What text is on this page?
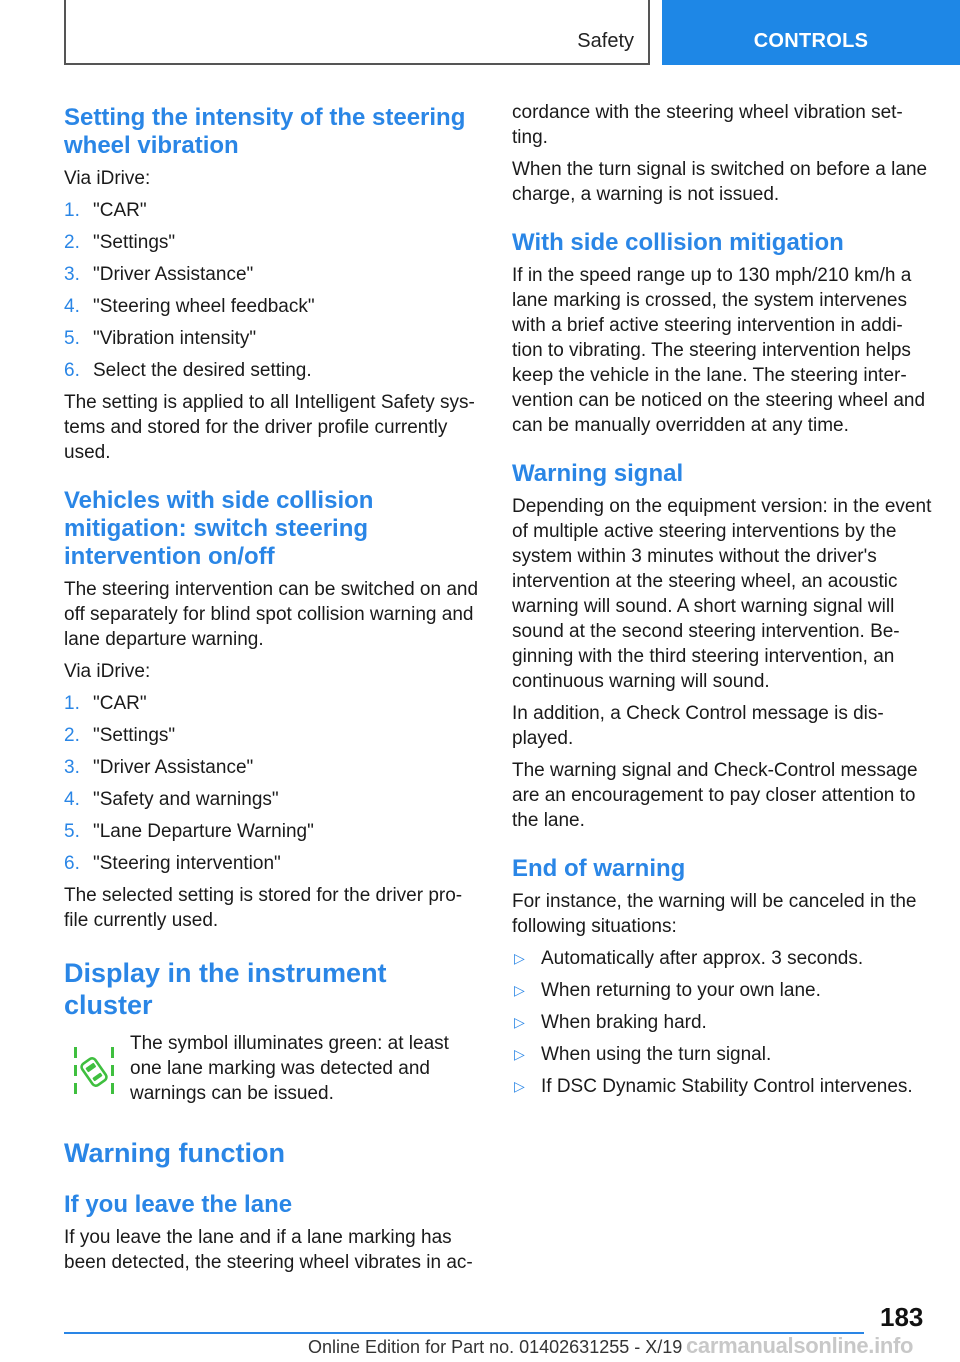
Safety	CONTROLS
Setting the intensity of the steering wheel vibration

Via iDrive:

1. "CAR"
2. "Settings"
3. "Driver Assistance"
4. "Steering wheel feedback"
5. "Vibration intensity"
6. Select the desired setting.

The setting is applied to all Intelligent Safety sys-tems and stored for the driver profile currently used.

Vehicles with side collision mitigation: switch steering intervention on/off

The steering intervention can be switched on and off separately for blind spot collision warning and lane departure warning.

Via iDrive:

1. "CAR"
2. "Settings"
3. "Driver Assistance"
4. "Safety and warnings"
5. "Lane Departure Warning"
6. "Steering intervention"

The selected setting is stored for the driver pro-file currently used.

Display in the instrument cluster

The symbol illuminates green: at least one lane marking was detected and warnings can be issued.

Warning function
If you leave the lane

If you leave the lane and if a lane marking has been detected, the steering wheel vibrates in ac-

cordance with the steering wheel vibration set-ting.

When the turn signal is switched on before a lane charge, a warning is not issued.

With side collision mitigation

If in the speed range up to 130 mph/210 km/h a lane marking is crossed, the system intervenes with a brief active steering intervention in addi-tion to vibrating. The steering intervention helps keep the vehicle in the lane. The steering inter-vention can be noticed on the steering wheel and can be manually overridden at any time.

Warning signal

Depending on the equipment version: in the event of multiple active steering interventions by the system within 3 minutes without the driver's intervention at the steering wheel, an acoustic warning will sound. A short warning signal will sound at the second steering intervention. Be-ginning with the third steering intervention, an continuous warning will sound.

In addition, a Check Control message is dis-played.

The warning signal and Check-Control message are an encouragement to pay closer attention to the lane.

End of warning

For instance, the warning will be canceled in the following situations:

▷ Automatically after approx. 3 seconds.
▷ When returning to your own lane.
▷ When braking hard.
▷ When using the turn signal.
▷ If DSC Dynamic Stability Control intervenes.
183
Online Edition for Part no. 01402631255 - X/19 carmanualsonline.info
